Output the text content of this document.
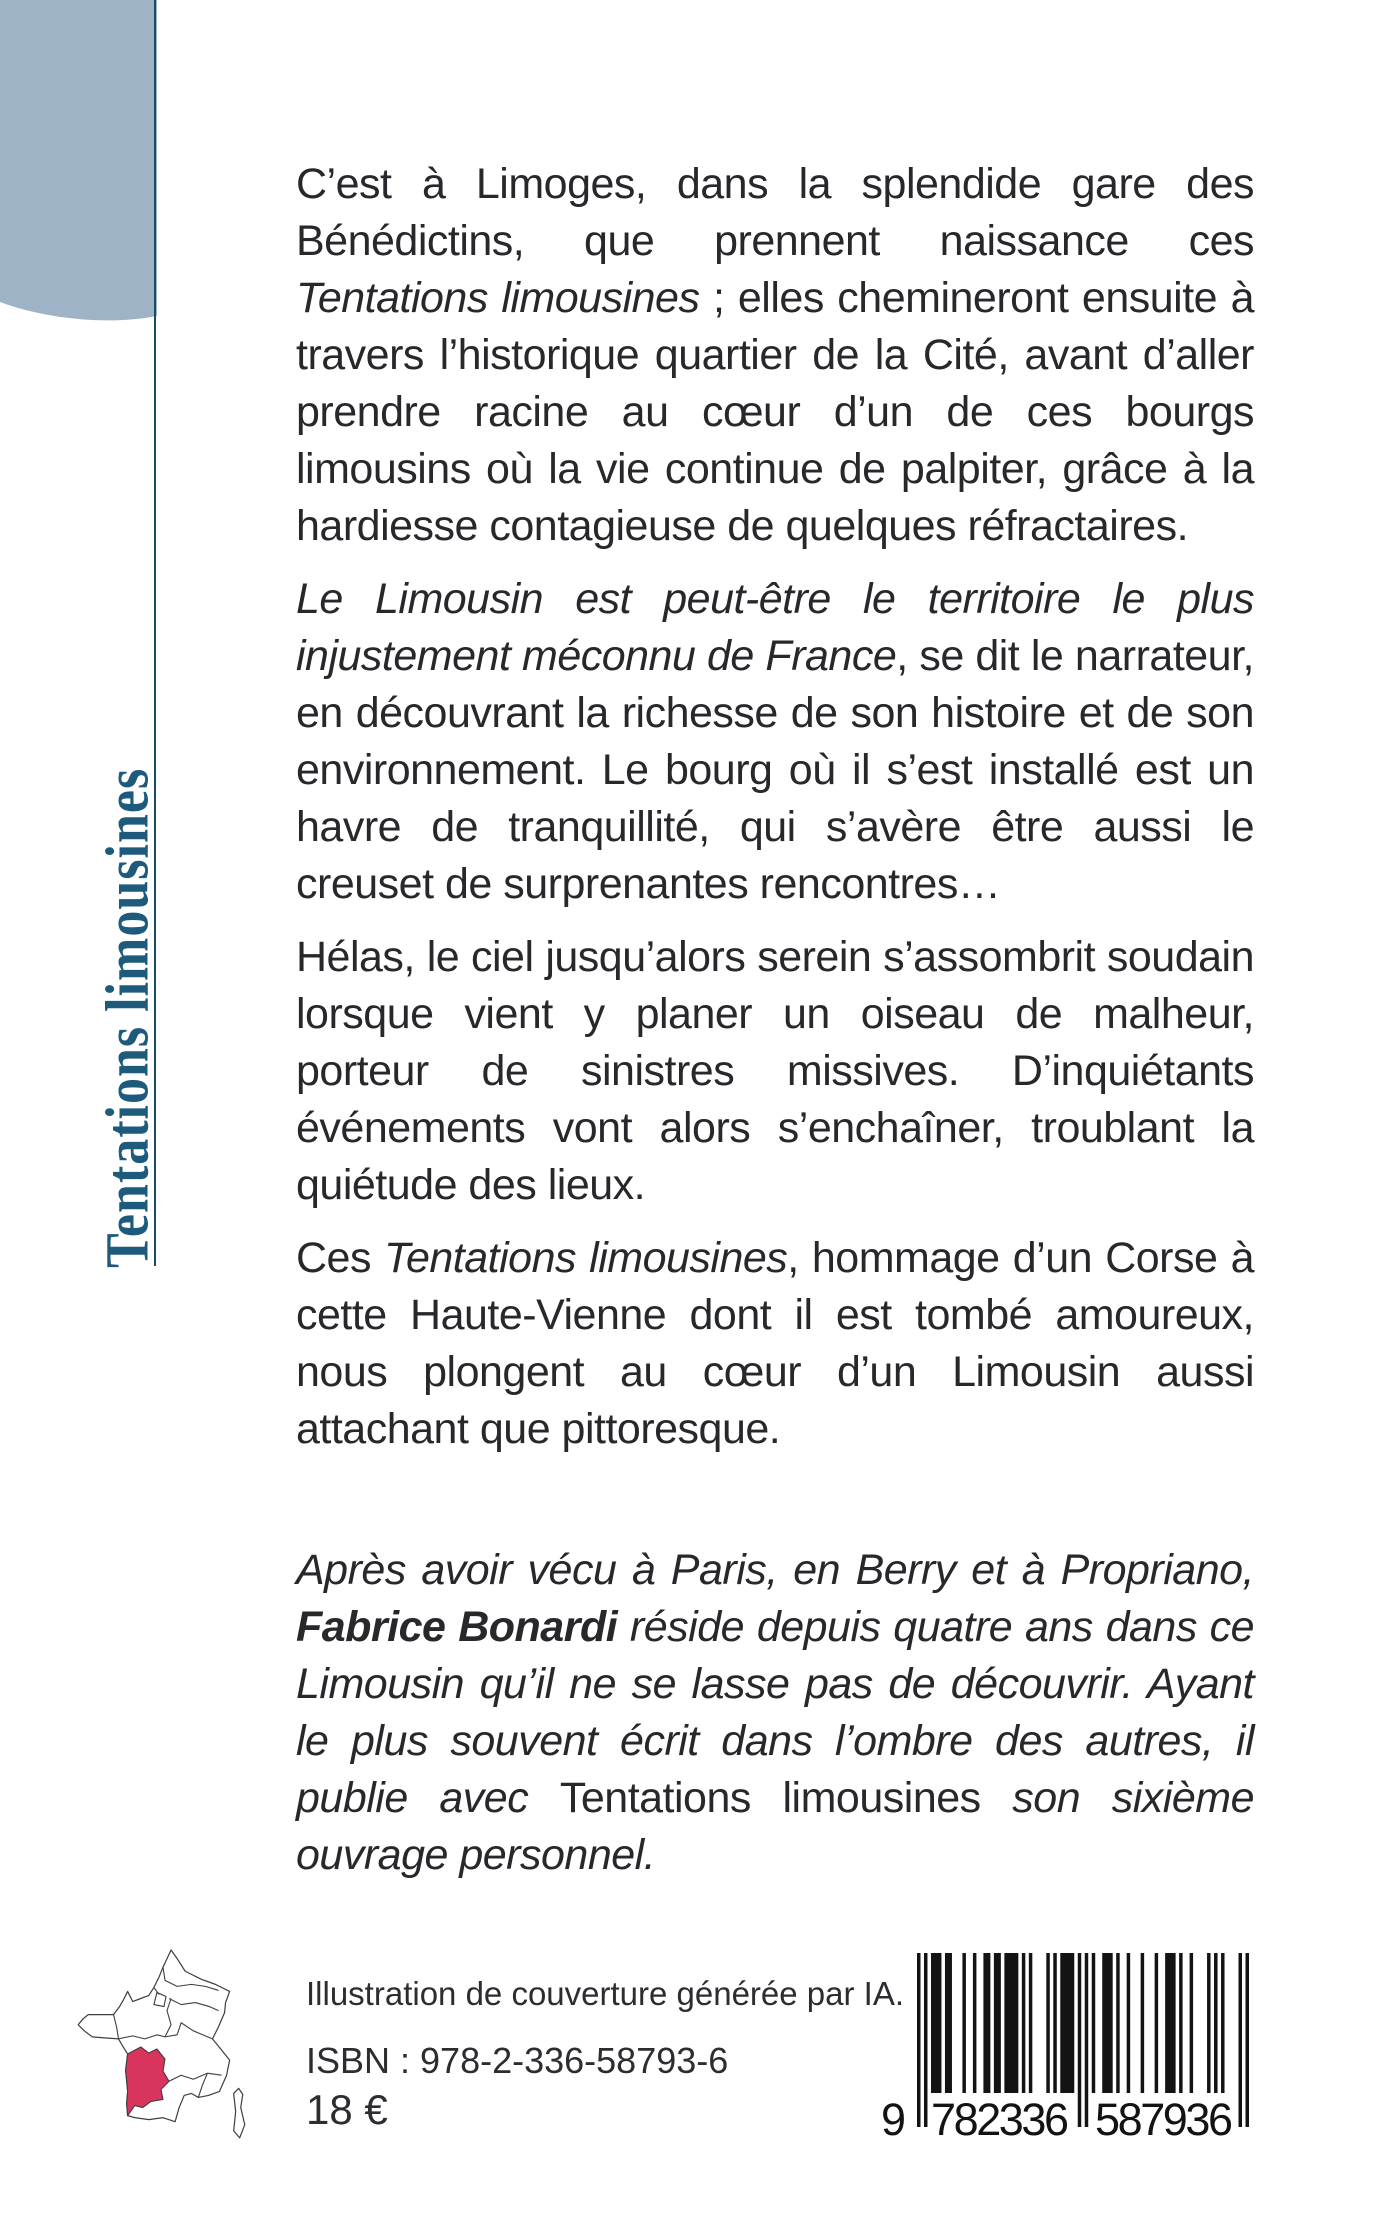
Tentations limousines

C’est à Limoges, dans la splendide gare des Bénédictins, que prennent naissance ces Tentations limousines ; elles chemineront ensuite à travers l’historique quartier de la Cité, avant d’aller prendre racine au cœur d’un de ces bourgs limousins où la vie continue de palpiter, grâce à la hardiesse contagieuse de quelques réfractaires.

Le Limousin est peut-être le territoire le plus injustement méconnu de France, se dit le narrateur, en découvrant la richesse de son histoire et de son environnement. Le bourg où il s’est installé est un havre de tranquillité, qui s’avère être aussi le creuset de surprenantes rencontres…

Hélas, le ciel jusqu’alors serein s’assombrit soudain lorsque vient y planer un oiseau de malheur, porteur de sinistres missives. D’inquiétants événements vont alors s’enchaîner, troublant la quiétude des lieux.

Ces Tentations limousines, hommage d’un Corse à cette Haute-Vienne dont il est tombé amoureux, nous plongent au cœur d’un Limousin aussi attachant que pittoresque.

Après avoir vécu à Paris, en Berry et à Propriano, Fabrice Bonardi réside depuis quatre ans dans ce Limousin qu’il ne se lasse pas de découvrir. Ayant le plus souvent écrit dans l’ombre des autres, il publie avec Tentations limousines son sixième ouvrage personnel.

Illustration de couverture générée par IA.
ISBN : 978-2-336-58793-6
18 €	9 782336 587936
